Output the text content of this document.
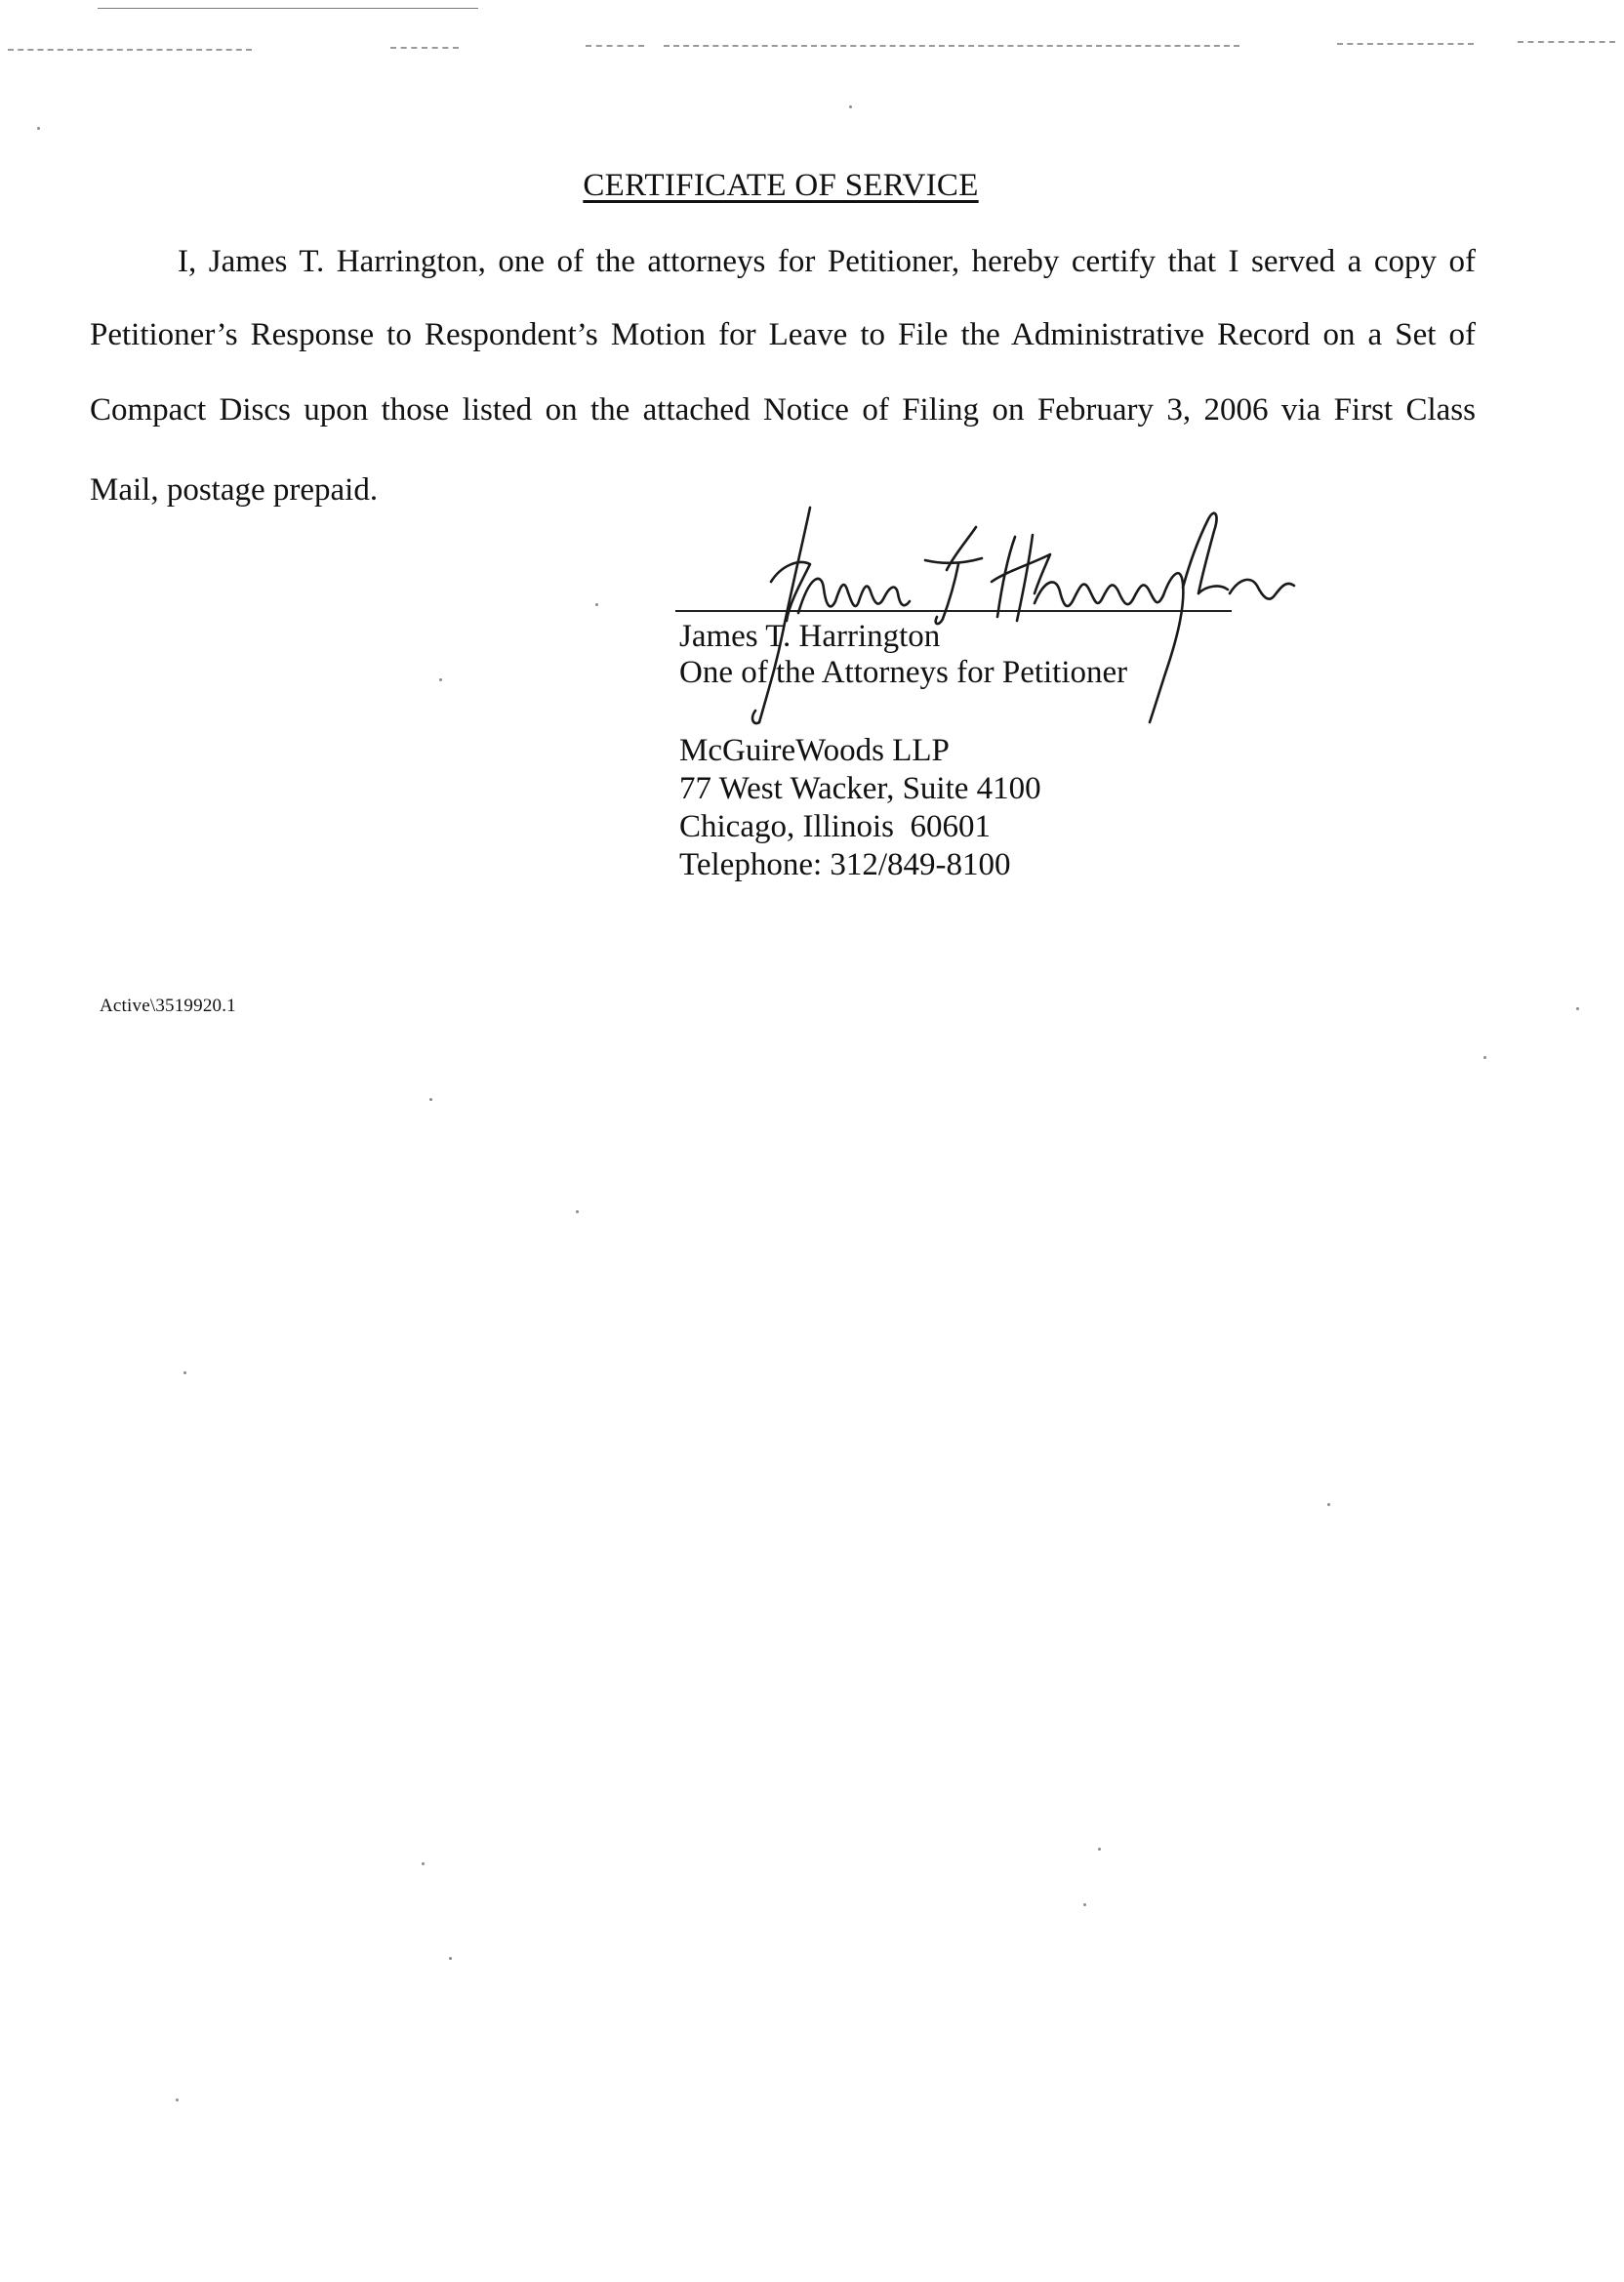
CERTIFICATE OF SERVICE
I, James T. Harrington, one of the attorneys for Petitioner, hereby certify that I served a copy of
Petitioner’s Response to Respondent’s Motion for Leave to File the Administrative Record on a Set of
Compact Discs upon those listed on the attached Notice of Filing on February 3, 2006 via First Class
Mail, postage prepaid.
James T. Harrington
One of the Attorneys for Petitioner
McGuireWoods LLP
77 West Wacker, Suite 4100
Chicago, Illinois  60601
Telephone: 312/849-8100
Active\3519920.1
